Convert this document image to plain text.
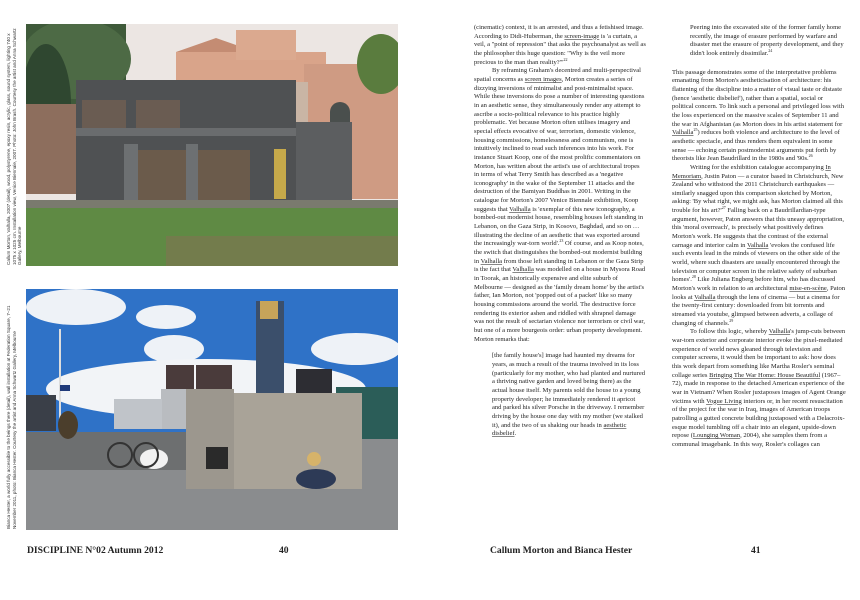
Callum Morton, Valhalla, 2007 (detail), wood, polystyrene, epoxy resin, acrylic, glass, sound system, lighting 740 x 1075 x 1025 cm. Installation view, Venice Biennale, 2007. Photo: John Brash. Courtesy the artist and Anna Schwartz Gallery, Melbourne
Bianca Hester, a world fully accessible to the beings there (detail), wall installation at Federation Square, 7–21 November 2011, photo: Bianca Hester. Courtesy the artist and Anna Schwartz Gallery, Melbourne
DISCIPLINE N°02 Autumn 2012	40

(cinematic) context, it is an arrested, and thus a fetishised image. According to Didi-Huberman, the screen-image is 'a curtain, a veil, a "point of repression" that asks the psychoanalyst as well as the philosopher this huge question: "Why is the veil more precious to the man than $reality?"'^{22}$

By reframing Graham's decentred and multi-perspectival spatial concerns as screen images, Morton creates a series of dizzying inversions of minimalist and post-minimalist space. While these inversions do pose a number of interesting questions in an aesthetic sense, they simultaneously render any attempt to ascribe a socio-political relevance to his practice highly problematic. Yet because Morton often utilises imagery and special effects evocative of war, terrorism, domestic violence, housing commissions, homelessness and communism, one is intuitively inclined to read such inferences into his work. For instance Stuart Koop, one of the most prolific commentators on Morton, has written about the artist's use of architectural tropes in terms of what Terry Smith has described as a 'negative iconography' in the wake of the September 11 attacks and the destruction of the Bamiyan Buddhas in 2001. Writing in the catalogue for Morton's 2007 Venice Biennale exhibition, Koop suggests that Valhalla is 'exemplar of this new iconography, a bombed-out modernist house, resembling houses left standing in Lebanon, on the Gaza Strip, in Kosovo, Baghdad, and so on … illustrating the decline of an aesthetic that was exported around the increasingly war-torn world'.$^{23}$ Of course, and as Koop notes, the switch that distinguishes the bombed-out modernist building in Valhalla from those left standing in Lebanon or the Gaza Strip is the fact that Valhalla was modelled on a house in Mysora Road in Toorak, an historically expensive and elite suburb of Melbourne — designed as the 'family dream home' by the artist's father, Ian Morton, not 'popped out of a packet' like so many housing commissions around the world. The destructive force rendering its exterior ashen and riddled with shrapnel damage was not the result of sectarian violence nor terrorism or civil war, but one of a more bourgeois order: urban property development. Morton remarks that:

[the family house's] image had haunted my dreams for years, as much a result of the trauma involved in its loss (particularly for my mother, who had planted and nurtured a thriving native garden and loved being there) as the actual house itself. My parents sold the house to a young property developer; he immediately rendered it apricot and parked his silver Porsche in the driveway. I remember driving by the house one day with my mother (we stalked it), and the two of us shaking our heads in aesthetic disbelief.

Peering into the excavated site of the former family home recently, the image of erasure performed by warfare and disaster met the erasure of property development, and they didn't look entirely dissimilar.$^{24}$

This passage demonstrates some of the interpretative problems emanating from Morton's aestheticisation of architecture: his flattening of the discipline into a matter of visual taste or distaste (hence 'aesthetic disbelief'), rather than a spatial, social or political concern. To link such a personal and privileged loss with the loss experienced on the massive scales of September 11 and the war in Afghanistan (as Morton does in his artist statement for Valhalla$^{25}$) reduces both violence and architecture to the level of aesthetic spectacle, and thus renders them equivalent in some sense — echoing certain postmodernist arguments put forth by theorists like Jean Baudrillard in the 1980s and '90s.$^{26}$

Writing for the exhibition catalogue accompanying In Memoriam, Justin Paton — a curator based in Christchurch, New Zealand who withstood the 2011 Christchurch earthquakes — similarly snagged upon this comparison sketched by Morton, asking: 'By what right, we might ask, has Morton claimed all this trouble for his $art?'^{27}$ Falling back on a Baudrillardian-type argument, however, Paton answers that this uneasy appropriation, this 'moral overreach', is precisely what positively defines Morton's work. He suggests that the contrast of the external carnage and interior calm in Valhalla 'evokes the confused life such events lead in the minds of viewers on the other side of the world, where such disasters are usually encountered through the television or computer screen in the relative safety of suburban homes'.$^{28}$ Like Juliana Engberg before him, who has discussed Morton's work in relation to an architectural mise-en-scène, Paton looks at Valhalla through the lens of cinema — but a cinema for the twenty-first century: downloaded from bit torrents and streamed via youtube, glimpsed between adverts, a collage of changing of channels.$^{29}$

To follow this logic, whereby Valhalla's jump-cuts between war-torn exterior and corporate interior evoke the pixel-mediated experience of world news gleaned through television and computer screens, it would then be important to ask: how does this work depart from something like Martha Rosler's seminal collage series Bringing The War Home: House Beautiful (1967–72), made in response to the detached American experience of the war in Vietnam? When Rosler juxtaposes images of Agent Orange victims with Vogue Living interiors or, in her recent resuscitation of the project for the war in Iraq, images of American troops patrolling a gutted concrete building juxtaposed with a Delacroix-esque model tumbling off a chair into an elegant, upside-down repose (Lounging Woman, 2004), she samples them from a communal imagebank. In this way, Rosler's collages can

Callum Morton and Bianca Hester	41
